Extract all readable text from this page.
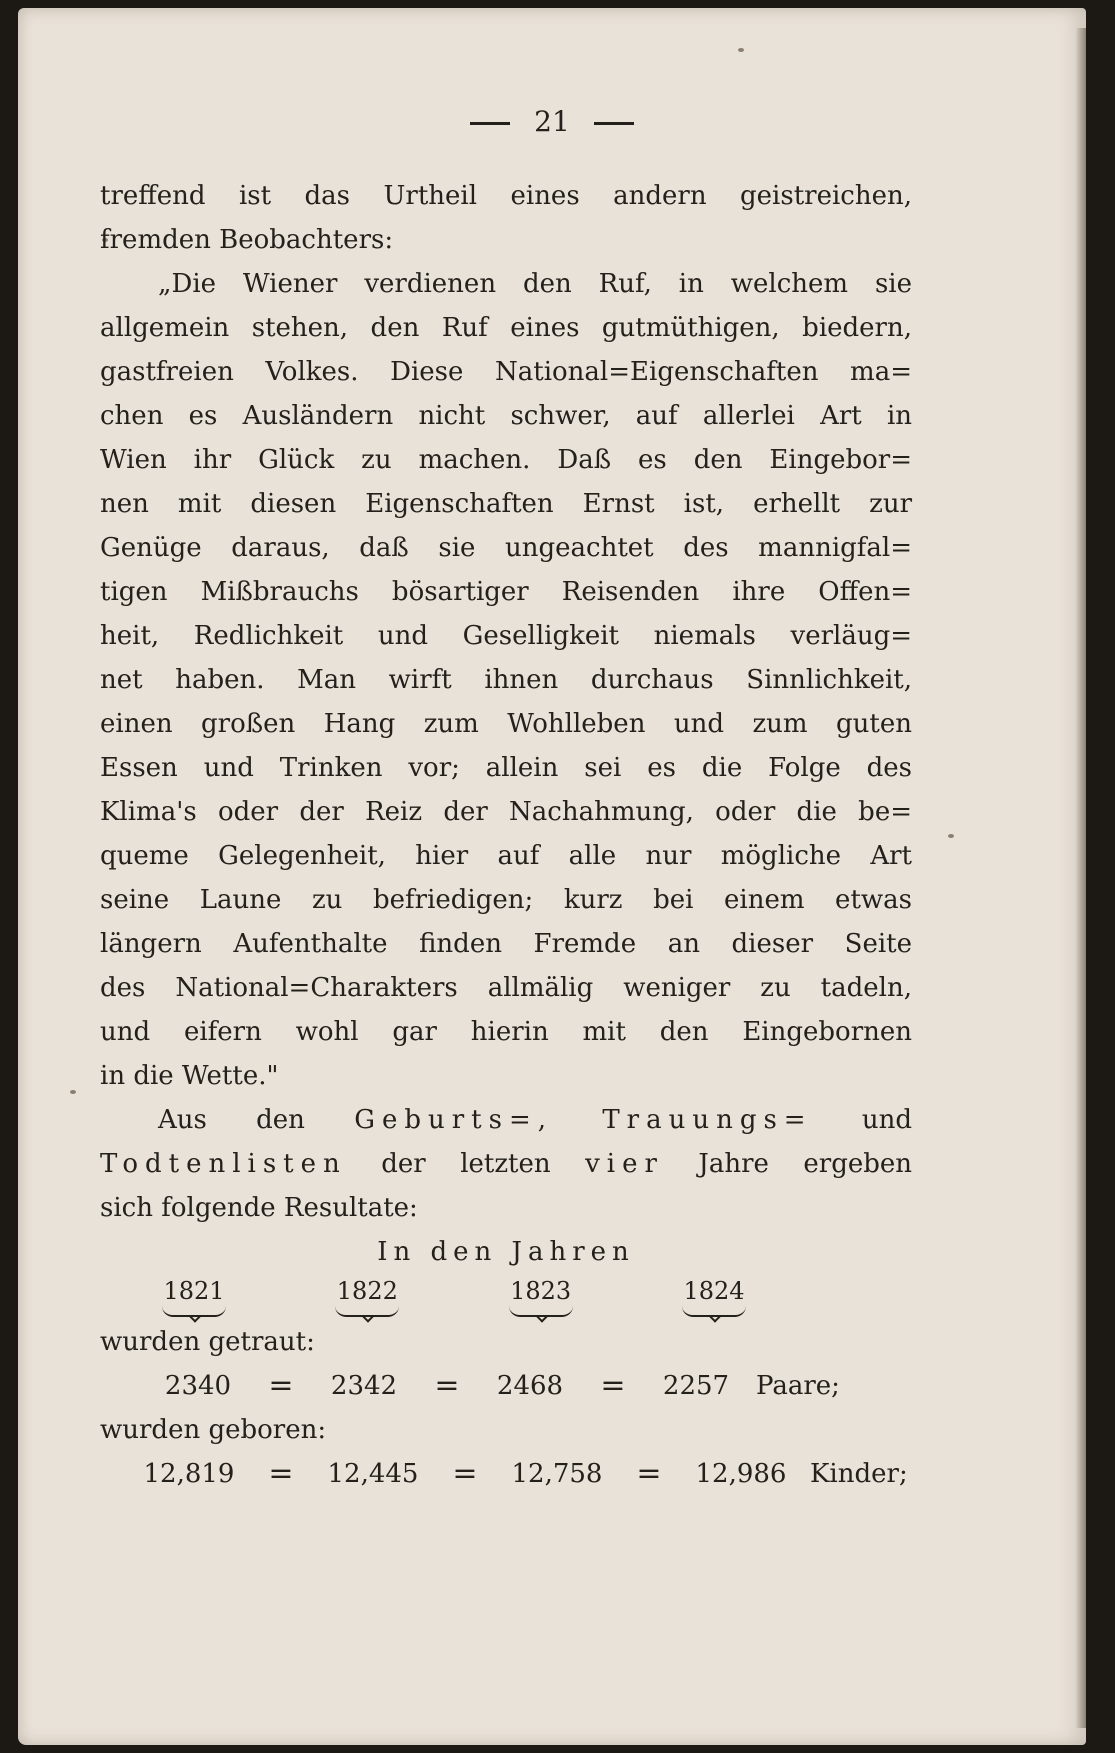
21
treffend ist das Urtheil eines andern geistreichen,
fremden Beobachters:
„Die Wiener verdienen den Ruf, in welchem sie
allgemein stehen, den Ruf eines gutmüthigen, biedern,
gastfreien Volkes. Diese National=Eigenschaften ma=
chen es Ausländern nicht schwer, auf allerlei Art in
Wien ihr Glück zu machen. Daß es den Eingebor=
nen mit diesen Eigenschaften Ernst ist, erhellt zur
Genüge daraus, daß sie ungeachtet des mannigfal=
tigen Mißbrauchs bösartiger Reisenden ihre Offen=
heit, Redlichkeit und Geselligkeit niemals verläug=
net haben. Man wirft ihnen durchaus Sinnlichkeit,
einen großen Hang zum Wohlleben und zum guten
Essen und Trinken vor; allein sei es die Folge des
Klima's oder der Reiz der Nachahmung, oder die be=
queme Gelegenheit, hier auf alle nur mögliche Art
seine Laune zu befriedigen; kurz bei einem etwas
längern Aufenthalte finden Fremde an dieser Seite
des National=Charakters allmälig weniger zu tadeln,
und eifern wohl gar hierin mit den Eingebornen
in die Wette."
Aus den Geburts=, Trauungs= und
Todtenlisten der letzten vier Jahre ergeben
sich folgende Resultate:
In den Jahren
1821	1822	1823	1824
wurden getraut:
2340	=	2342	=	2468	=	2257	Paare;
wurden geboren:
12,819	=	12,445	=	12,758	=	12,986 Kinder;
